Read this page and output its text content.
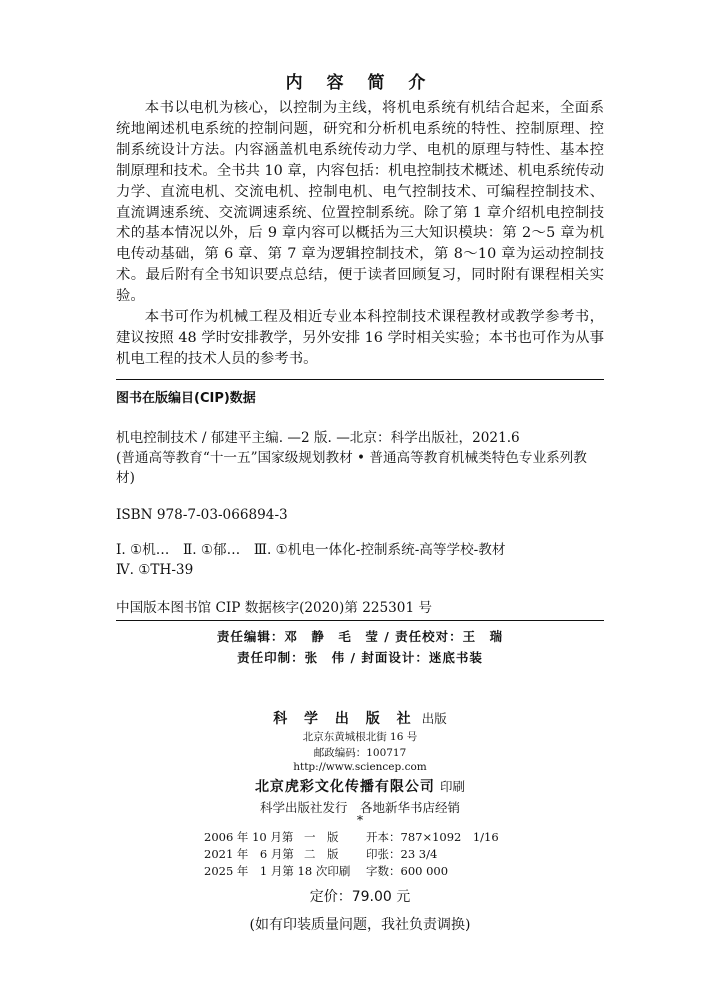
内 容 简 介

本书以电机为核心，以控制为主线，将机电系统有机结合起来，全面系统地阐述机电系统的控制问题，研究和分析机电系统的特性、控制原理、控制系统设计方法。内容涵盖机电系统传动力学、电机的原理与特性、基本控制原理和技术。全书共 10 章，内容包括：机电控制技术概述、机电系统传动力学、直流电机、交流电机、控制电机、电气控制技术、可编程控制技术、直流调速系统、交流调速系统、位置控制系统。除了第 1 章介绍机电控制技术的基本情况以外，后 9 章内容可以概括为三大知识模块：第 2～5 章为机电传动基础，第 6 章、第 7 章为逻辑控制技术，第 8～10 章为运动控制技术。最后附有全书知识要点总结，便于读者回顾复习，同时附有课程相关实验。

本书可作为机械工程及相近专业本科控制技术课程教材或教学参考书，建议按照 48 学时安排教学，另外安排 16 学时相关实验；本书也可作为从事机电工程的技术人员的参考书。

图书在版编目(CIP)数据

机电控制技术 / 郁建平主编. —2 版. —北京：科学出版社，2021.6

(普通高等教育“十一五”国家级规划教材 • 普通高等教育机械类特色专业系列教材)

ISBN 978-7-03-066894-3

Ⅰ. ①机…　Ⅱ. ①郁…　Ⅲ. ①机电一体化-控制系统-高等学校-教材

Ⅳ. ①TH-39

中国版本图书馆 CIP 数据核字(2020)第 225301 号
责任编辑：邓　静　毛　莹 / 责任校对：王　瑞
责任印制：张　伟 / 封面设计：迷底书装
科 学 出 版 社 出版
北京东黄城根北街 16 号
邮政编码：100717
http://www.sciencep.com
北京虎彩文化传播有限公司 印刷
科学出版社发行　各地新华书店经销
*
2006 年 10 月第 一　版 开本：787×1092　1/16
2021 年　6 月第 二　版 印张：23 3/4
2025 年　1 月第 18 次印刷 字数：600 000
定价：79.00 元
(如有印装质量问题，我社负责调换)
